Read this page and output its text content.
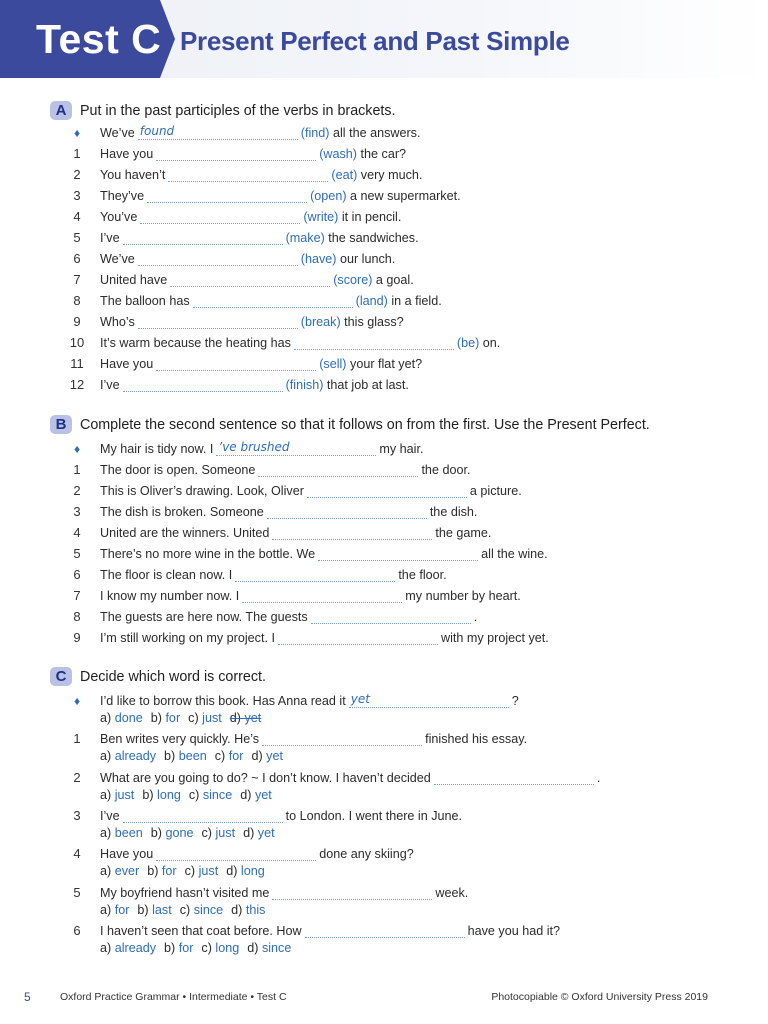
Test C Present Perfect and Past Simple
A Put in the past participles of the verbs in brackets.
♦	We’ve found	(find) all the answers.
1	Have you	(wash) the car?
2	You haven’t	(eat) very much.
3	They’ve	(open) a new supermarket.
4	You’ve	(write) it in pencil.
5	I’ve	(make) the sandwiches.
6	We’ve	(have) our lunch.
7	United have	(score) a goal.
8	The balloon has	(land) in a field.
9	Who’s	(break) this glass?
10	It’s warm because the heating has	(be) on.
11	Have you	(sell) your flat yet?
12	I’ve	(finish) that job at last.
B Complete the second sentence so that it follows on from the first. Use the Present Perfect.
♦	My hair is tidy now. I ’ve brushed	my hair.
1	The door is open. Someone	the door.
2	This is Oliver’s drawing. Look, Oliver	a picture.
3	The dish is broken. Someone	the dish.
4	United are the winners. United	the game.
5	There’s no more wine in the bottle. We	all the wine.
6	The floor is clean now. I	the floor.
7	I know my number now. I	my number by heart.
8	The guests are here now. The guests	.
9	I’m still working on my project. I	with my project yet.
C Decide which word is correct.
♦	I’d like to borrow this book. Has Anna read it yet	?
a) done b) for c) just d) yet
1	Ben writes very quickly. He’s	finished his essay.
a) already b) been c) for d) yet
2	What are you going to do? ~ I don’t know. I haven’t decided	.
a) just b) long c) since d) yet
3	I’ve	to London. I went there in June.
a) been b) gone c) just d) yet
4	Have you	done any skiing?
a) ever b) for c) just d) long
5	My boyfriend hasn’t visited me	week.
a) for b) last c) since d) this
6	I haven’t seen that coat before. How	have you had it?
a) already b) for c) long d) since
5	Oxford Practice Grammar • Intermediate • Test C	Photocopiable © Oxford University Press 2019
